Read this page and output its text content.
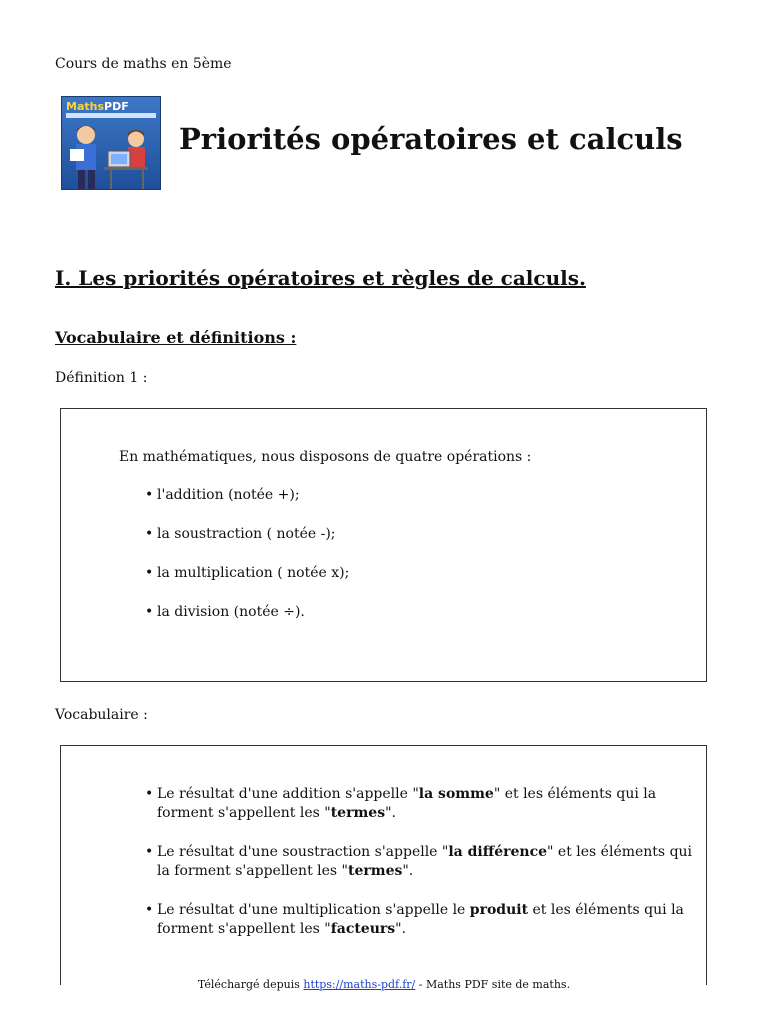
Cours de maths en 5ème
MathsPDF
Priorités opératoires et calculs
I. Les priorités opératoires et règles de calculs.
Vocabulaire et définitions :
Définition 1 :
En mathématiques, nous disposons de quatre opérations :
• l'addition (notée +);
• la soustraction ( notée -);
• la multiplication ( notée x);
• la division (notée ÷).
Vocabulaire :
• Le résultat d'une addition s'appelle "la somme" et les éléments qui la forment s'appellent les "termes".
• Le résultat d'une soustraction s'appelle "la différence" et les éléments qui la forment s'appellent les "termes".
• Le résultat d'une multiplication s'appelle le produit et les éléments qui la forment s'appellent les "facteurs".
Téléchargé depuis https://maths-pdf.fr/ - Maths PDF site de maths.
